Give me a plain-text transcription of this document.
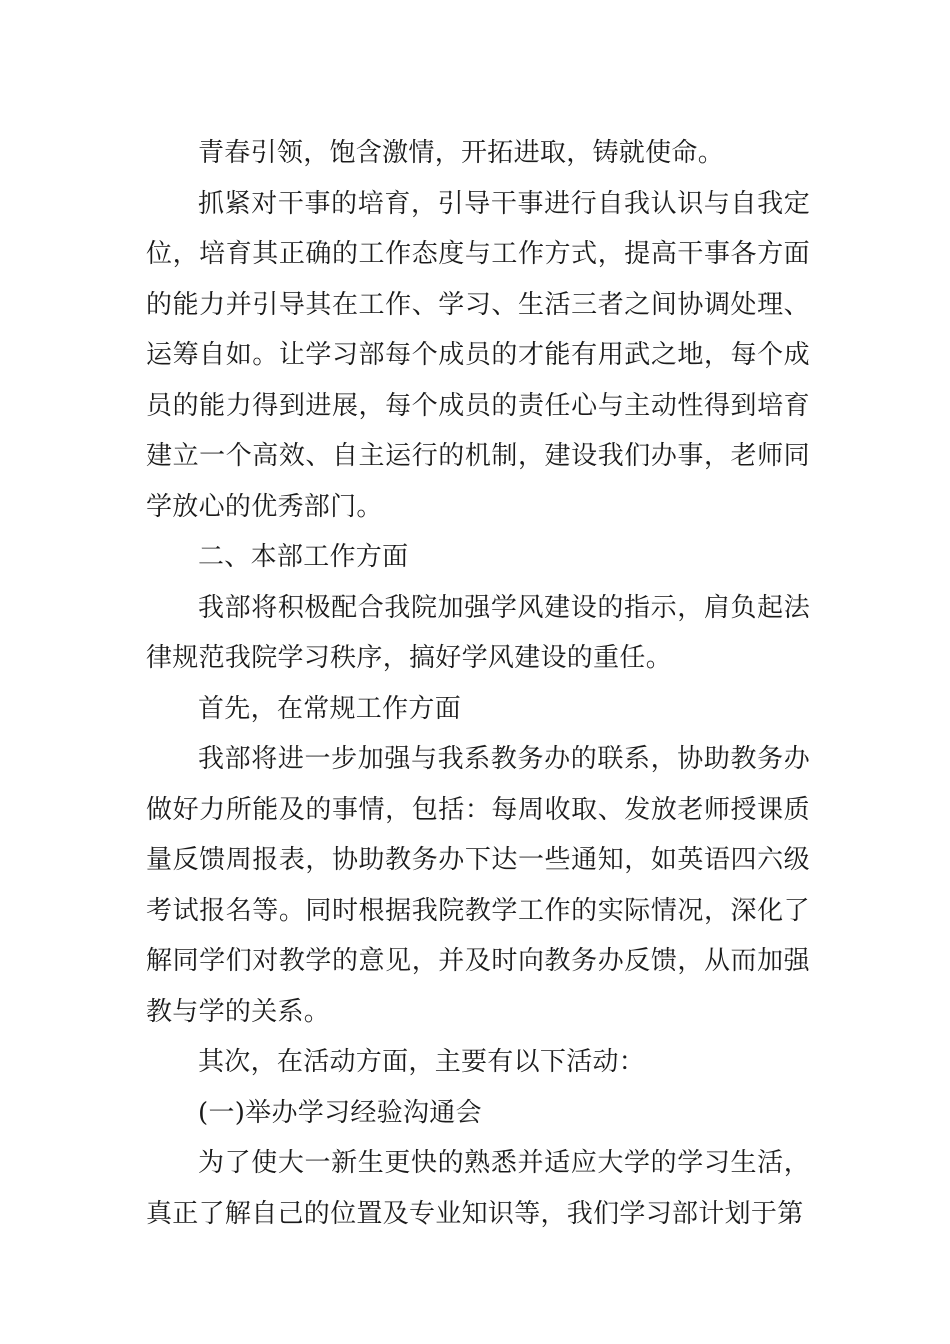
青春引领，饱含激情，开拓进取，铸就使命。

抓紧对干事的培育，引导干事进行自我认识与自我定位，培育其正确的工作态度与工作方式，提高干事各方面的能力并引导其在工作、学习、生活三者之间协调处理、运筹自如。让学习部每个成员的才能有用武之地，每个成员的能力得到进展，每个成员的责任心与主动性得到培育建立一个高效、自主运行的机制，建设我们办事，老师同学放心的优秀部门。

二、本部工作方面

我部将积极配合我院加强学风建设的指示，肩负起法律规范我院学习秩序，搞好学风建设的重任。

首先，在常规工作方面

我部将进一步加强与我系教务办的联系，协助教务办做好力所能及的事情，包括：每周收取、发放老师授课质量反馈周报表，协助教务办下达一些通知，如英语四六级考试报名等。同时根据我院教学工作的实际情况，深化了解同学们对教学的意见，并及时向教务办反馈，从而加强教与学的关系。

其次，在活动方面，主要有以下活动：

(一)举办学习经验沟通会

为了使大一新生更快的熟悉并适应大学的学习生活，真正了解自己的位置及专业知识等，我们学习部计划于第
